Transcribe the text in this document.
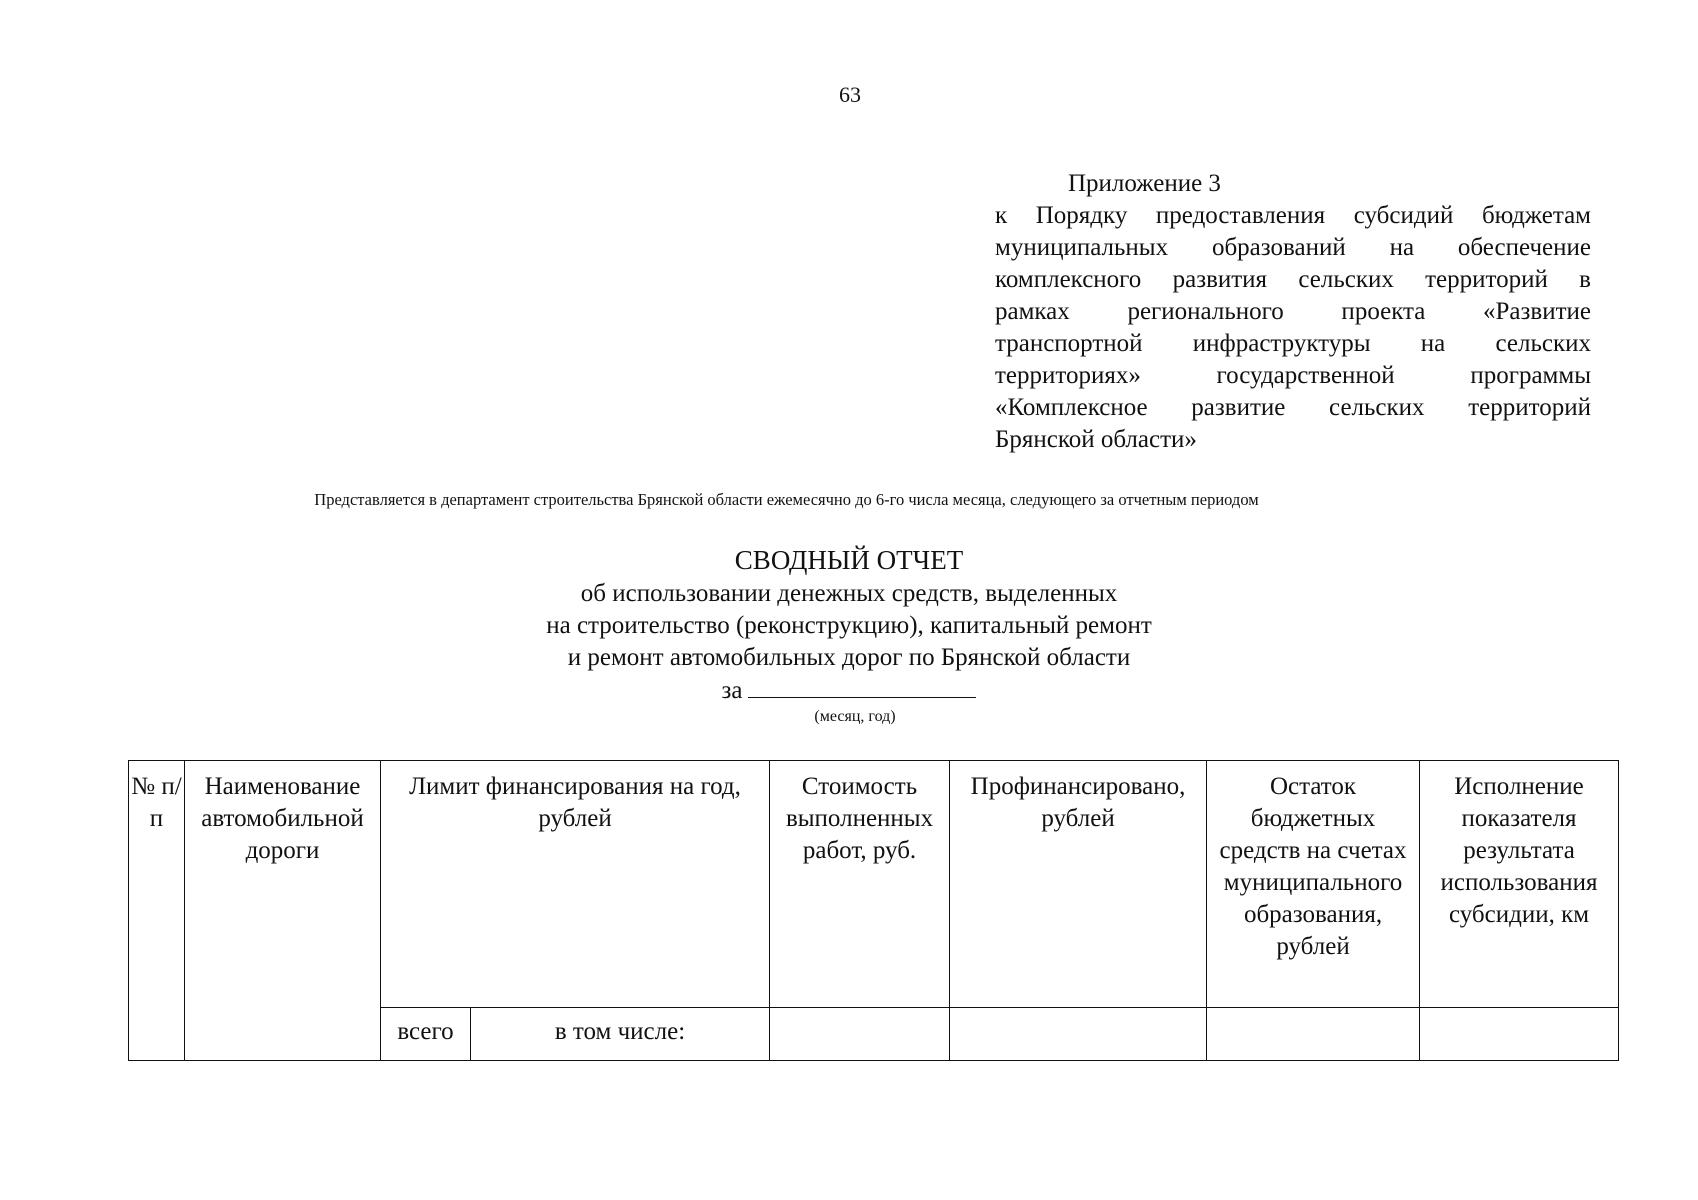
63
Приложение 3
к Порядку предоставления субсидий бюджетам
муниципальных образований на обеспечение
комплексного развития сельских территорий в
рамках регионального проекта «Развитие
транспортной инфраструктуры на сельских
территориях» государственной программы
«Комплексное развитие сельских территорий
Брянской области»
Представляется в департамент строительства Брянской области ежемесячно до 6-го числа месяца, следующего за отчетным периодом
СВОДНЫЙ ОТЧЕТ
об использовании денежных средств, выделенных
на строительство (реконструкцию), капитальный ремонт
и ремонт автомобильных дорог по Брянской области
за
(месяц, год)
№ п/п	Наименование автомобильной дороги	Лимит финансирования на год, рублей		Стоимость выполненных работ, руб.	Профинансировано, рублей	Остаток бюджетных средств на счетах муниципального образования, рублей	Исполнение показателя результата использования субсидии, км
		всего	в том числе:				
